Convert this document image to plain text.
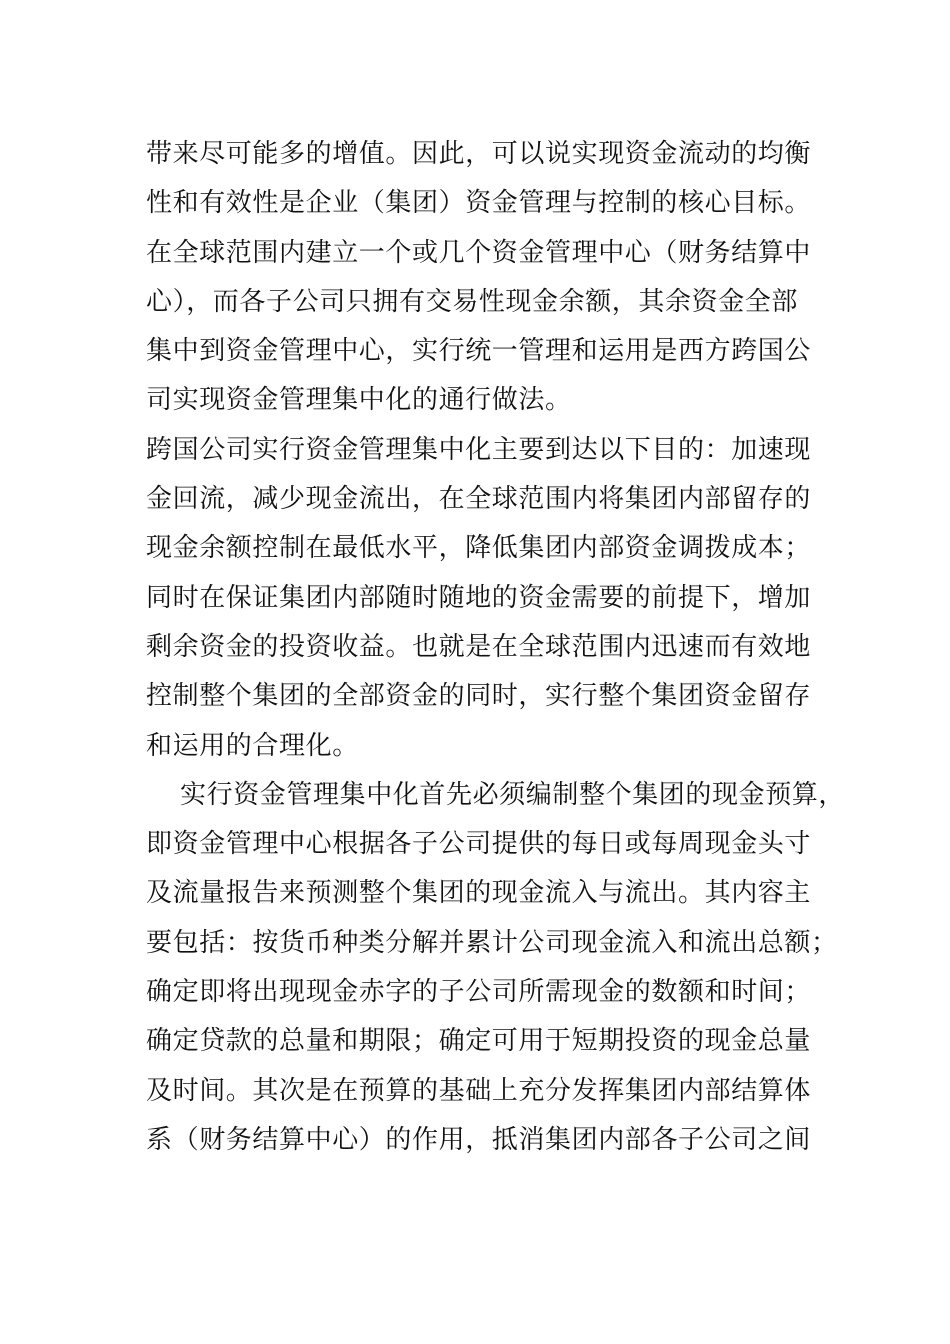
带来尽可能多的增值。因此，可以说实现资金流动的均衡
性和有效性是企业（集团）资金管理与控制的核心目标。
在全球范围内建立一个或几个资金管理中心（财务结算中
心），而各子公司只拥有交易性现金余额，其余资金全部
集中到资金管理中心，实行统一管理和运用是西方跨国公
司实现资金管理集中化的通行做法。
跨国公司实行资金管理集中化主要到达以下目的：加速现
金回流，减少现金流出，在全球范围内将集团内部留存的
现金余额控制在最低水平，降低集团内部资金调拨成本；
同时在保证集团内部随时随地的资金需要的前提下，增加
剩余资金的投资收益。也就是在全球范围内迅速而有效地
控制整个集团的全部资金的同时，实行整个集团资金留存
和运用的合理化。
实行资金管理集中化首先必须编制整个集团的现金预算，
即资金管理中心根据各子公司提供的每日或每周现金头寸
及流量报告来预测整个集团的现金流入与流出。其内容主
要包括：按货币种类分解并累计公司现金流入和流出总额；
确定即将出现现金赤字的子公司所需现金的数额和时间；
确定贷款的总量和期限；确定可用于短期投资的现金总量
及时间。其次是在预算的基础上充分发挥集团内部结算体
系（财务结算中心）的作用，抵消集团内部各子公司之间
